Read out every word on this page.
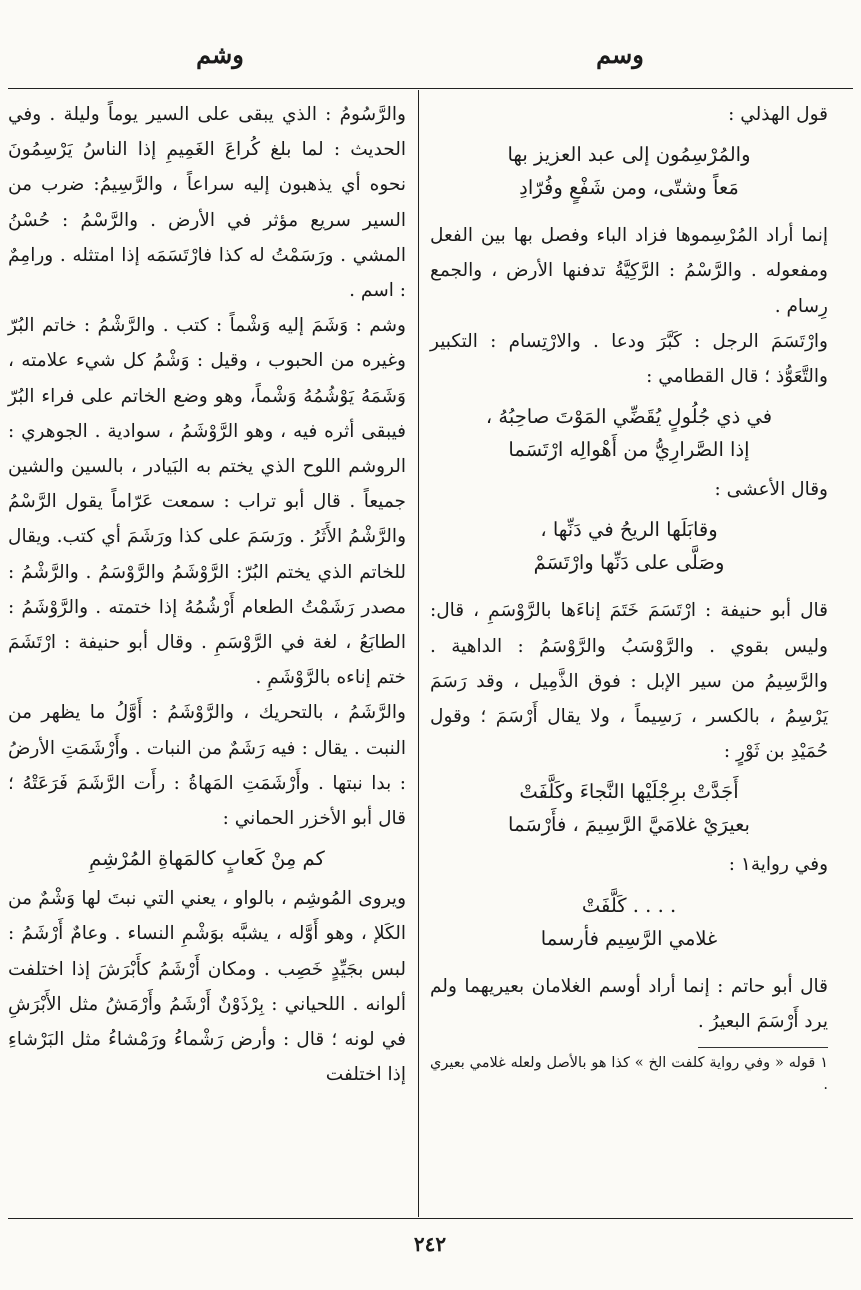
وسم
وشم

قول الهذلي :

والمُرْسِمُون إلى عبد العزيز بها
مَعاً وشتّى، ومن شَفْعٍ وفُرّادِ

إنما أراد المُرْسِموها فزاد الباء وفصل بها بين الفعل ومفعوله . والرَّسْمُ : الرَّكِيَّةُ تدفنها الأرض ، والجمع رِسام .

وارْتَسَمَ الرجل : كَبَّرَ ودعا . والارْتِسام : التكبير والتَّعَوُّذ ؛ قال القطامي :

في ذي جُلُولٍ يُقَضِّي المَوْتَ صاحِبُهُ ،
إذا الصَّرارِيُّ من أَهْوالِه ارْتَسَما

وقال الأعشى :

وقابَلَها الريحُ في دَنِّها ،
وصَلَّى على دَنِّها وارْتَسَمْ

قال أبو حنيفة : ارْتَسَمَ خَتَمَ إناءَها بالرَّوْسَمِ ، قال: وليس بقوي . والرَّوْسَبُ والرَّوْسَمُ : الداهية . والرَّسِيمُ من سير الإبل : فوق الذَّمِيل ، وقد رَسَمَ يَرْسِمُ ، بالكسر ، رَسِيماً ، ولا يقال أَرْسَمَ ؛ وقول حُمَيْدِ بن ثَوْرٍ :

أَجَدَّتْ برِجْلَيْها النَّجاءَ وكَلَّفَتْ
بعيرَيْ غلامَيَّ الرَّسِيمَ ، فأَرْسَما

وفي رواية١ :

. . . . كَلَّفَتْ
غلامي الرَّسِيم فأرسما

قال أبو حاتم : إنما أراد أوسم الغلامان بعيريهما ولم يرد أَرْسَمَ البعيرُ .

١ قوله « وفي رواية كلفت الخ » كذا هو بالأصل ولعله غلامي بعيري .

والرَّسُومُ : الذي يبقى على السير يوماً وليلة . وفي الحديث : لما بلغ كُراعَ الغَمِيمِ إذا الناسُ يَرْسِمُونَ نحوه أي يذهبون إليه سراعاً ، والرَّسِيمُ: ضرب من السير سريع مؤثر في الأرض . والرَّسْمُ : حُسْنُ المشي . ورَسَمْتُ له كذا فارْتَسَمَه إذا امتثله . ورامِمٌ : اسم .

وشم : وَشَمَ إليه وَشْماً : كتب . والرَّشْمُ : خاتم البُرّ وغيره من الحبوب ، وقيل : وَشْمُ كل شيء علامته ، وَشَمَهُ يَوْشُمُهُ وَشْماً، وهو وضع الخاتم على فراء البُرّ فيبقى أثره فيه ، وهو الرَّوْشَمُ ، سوادية . الجوهري : الروشم اللوح الذي يختم به البَيادر ، بالسين والشين جميعاً . قال أبو تراب : سمعت عَرّاماً يقول الرَّسْمُ والرَّشْمُ الأَثَرُ . ورَسَمَ على كذا ورَشَمَ أي كتب. ويقال للخاتم الذي يختم البُرّ: الرَّوْشَمُ والرَّوْسَمُ . والرَّشْمُ : مصدر رَشَمْتُ الطعام أَرْشُمُهُ إذا ختمته . والرَّوْشَمُ : الطابَعُ ، لغة في الرَّوْسَمِ . وقال أبو حنيفة : ارْتَشَمَ ختم إناءه بالرَّوْشَمِ .

والرَّشَمُ ، بالتحريك ، والرَّوْشَمُ : أَوَّلُ ما يظهر من النبت . يقال : فيه رَشَمٌ من النبات . وأَرْشَمَتِ الأرضُ : بدا نبتها . وأَرْشَمَتِ المَهاةُ : رأَت الرَّشَمَ فَرَعَتْهُ ؛ قال أبو الأخزر الحماني :

كم مِنْ كَعابٍ كالمَهاةِ المُرْشِمِ

ويروى المُوشِم ، بالواو ، يعني التي نبتَ لها وَشْمٌ من الكَلإ ، وهو أَوَّله ، يشبَّه بوَشْمِ النساء . وعامٌ أَرْشَمُ : لبس بجَيِّدٍ خَصِب . ومكان أَرْشَمُ كأَبْرَشَ إذا اختلفت ألوانه . اللحياني : بِرْذَوْنٌ أَرْشَمُ وأَرْمَشُ مثل الأَبْرَشِ في لونه ؛ قال : وأرض رَشْماءُ ورَمْشاءُ مثل البَرْشاءِ إذا اختلفت

٢٤٢
